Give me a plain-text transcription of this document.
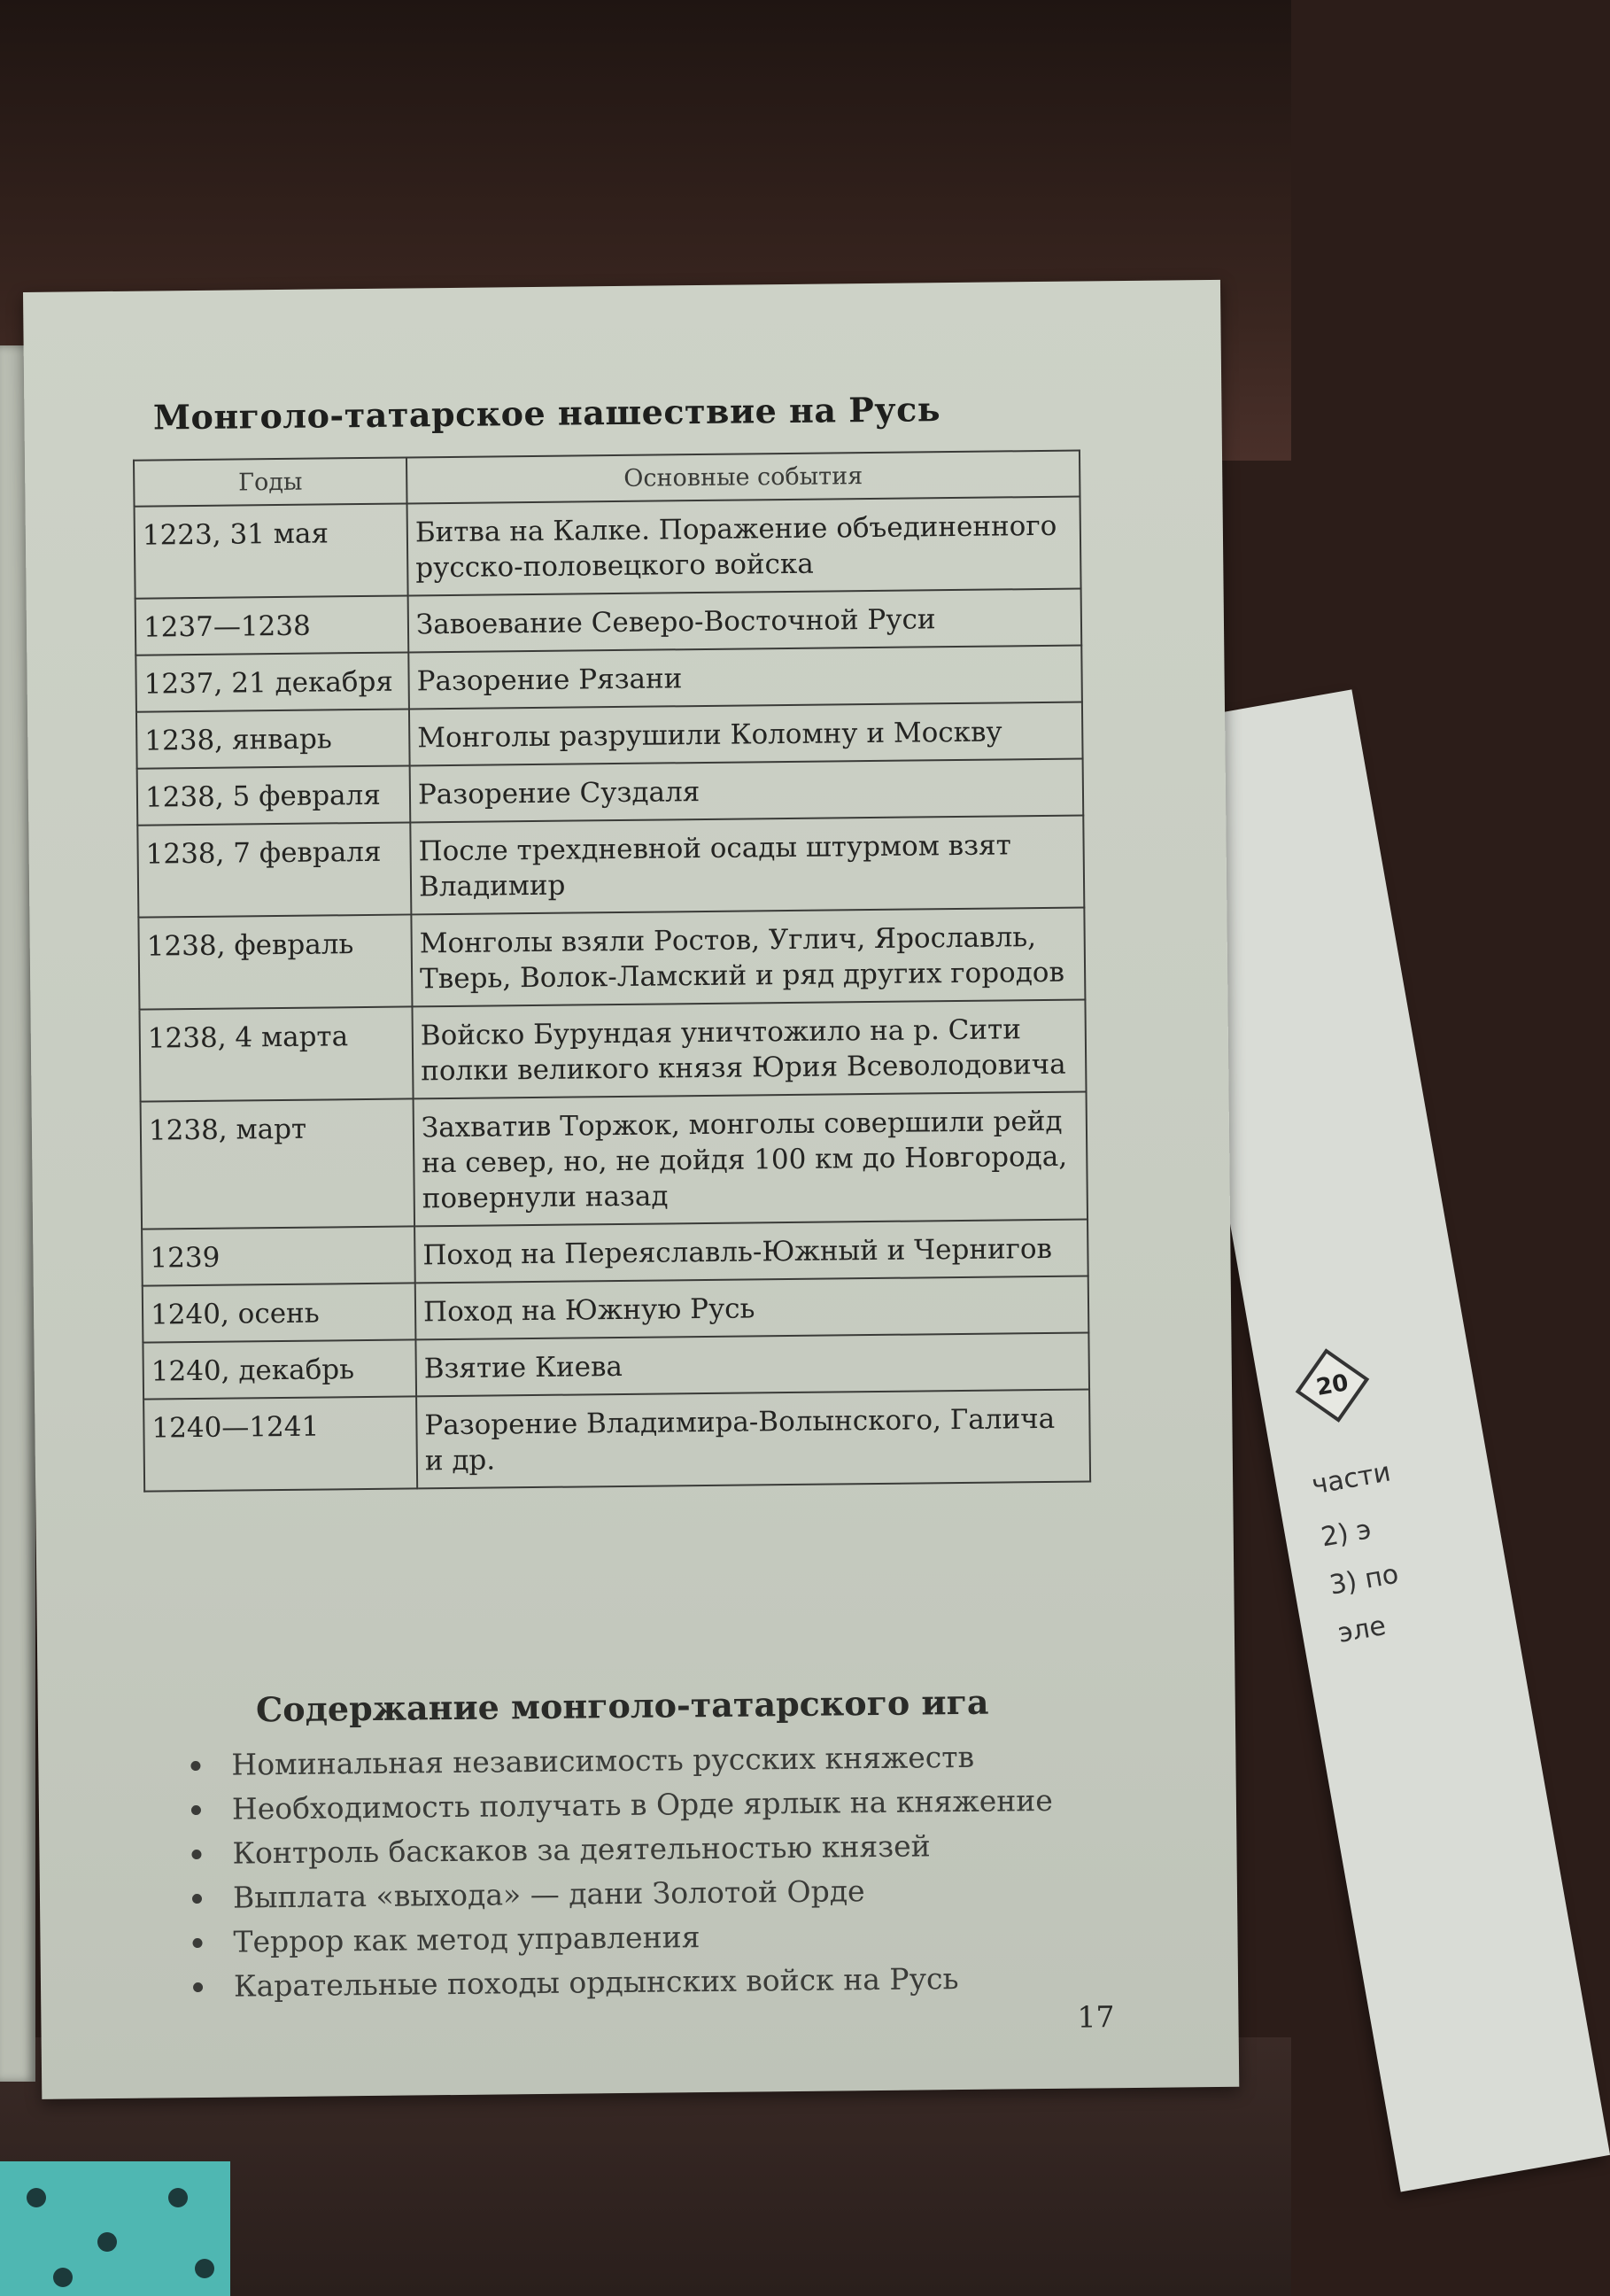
20
части
2) э
3) по
эле
Монголо-татарское нашествие на Русь
Годы	Основные события
1223, 31 мая	Битва на Калке. Поражение объединенного русско-половецкого войска
1237—1238	Завоевание Северо-Восточной Руси
1237, 21 декабря	Разорение Рязани
1238, январь	Монголы разрушили Коломну и Москву
1238, 5 февраля	Разорение Суздаля
1238, 7 февраля	После трехдневной осады штурмом взят Владимир
1238, февраль	Монголы взяли Ростов, Углич, Ярославль, Тверь, Волок-Ламский и ряд других городов
1238, 4 марта	Войско Бурундая уничтожило на р. Сити полки великого князя Юрия Всеволодовича
1238, март	Захватив Торжок, монголы совершили рейд на север, но, не дойдя 100 км до Новгорода, повернули назад
1239	Поход на Переяславль-Южный и Чернигов
1240, осень	Поход на Южную Русь
1240, декабрь	Взятие Киева
1240—1241	Разорение Владимира-Волынского, Галича и др.
Содержание монголо-татарского ига
Номинальная независимость русских княжеств
Необходимость получать в Орде ярлык на княжение
Контроль баскаков за деятельностью князей
Выплата «выхода» — дани Золотой Орде
Террор как метод управления
Карательные походы ордынских войск на Русь
17
